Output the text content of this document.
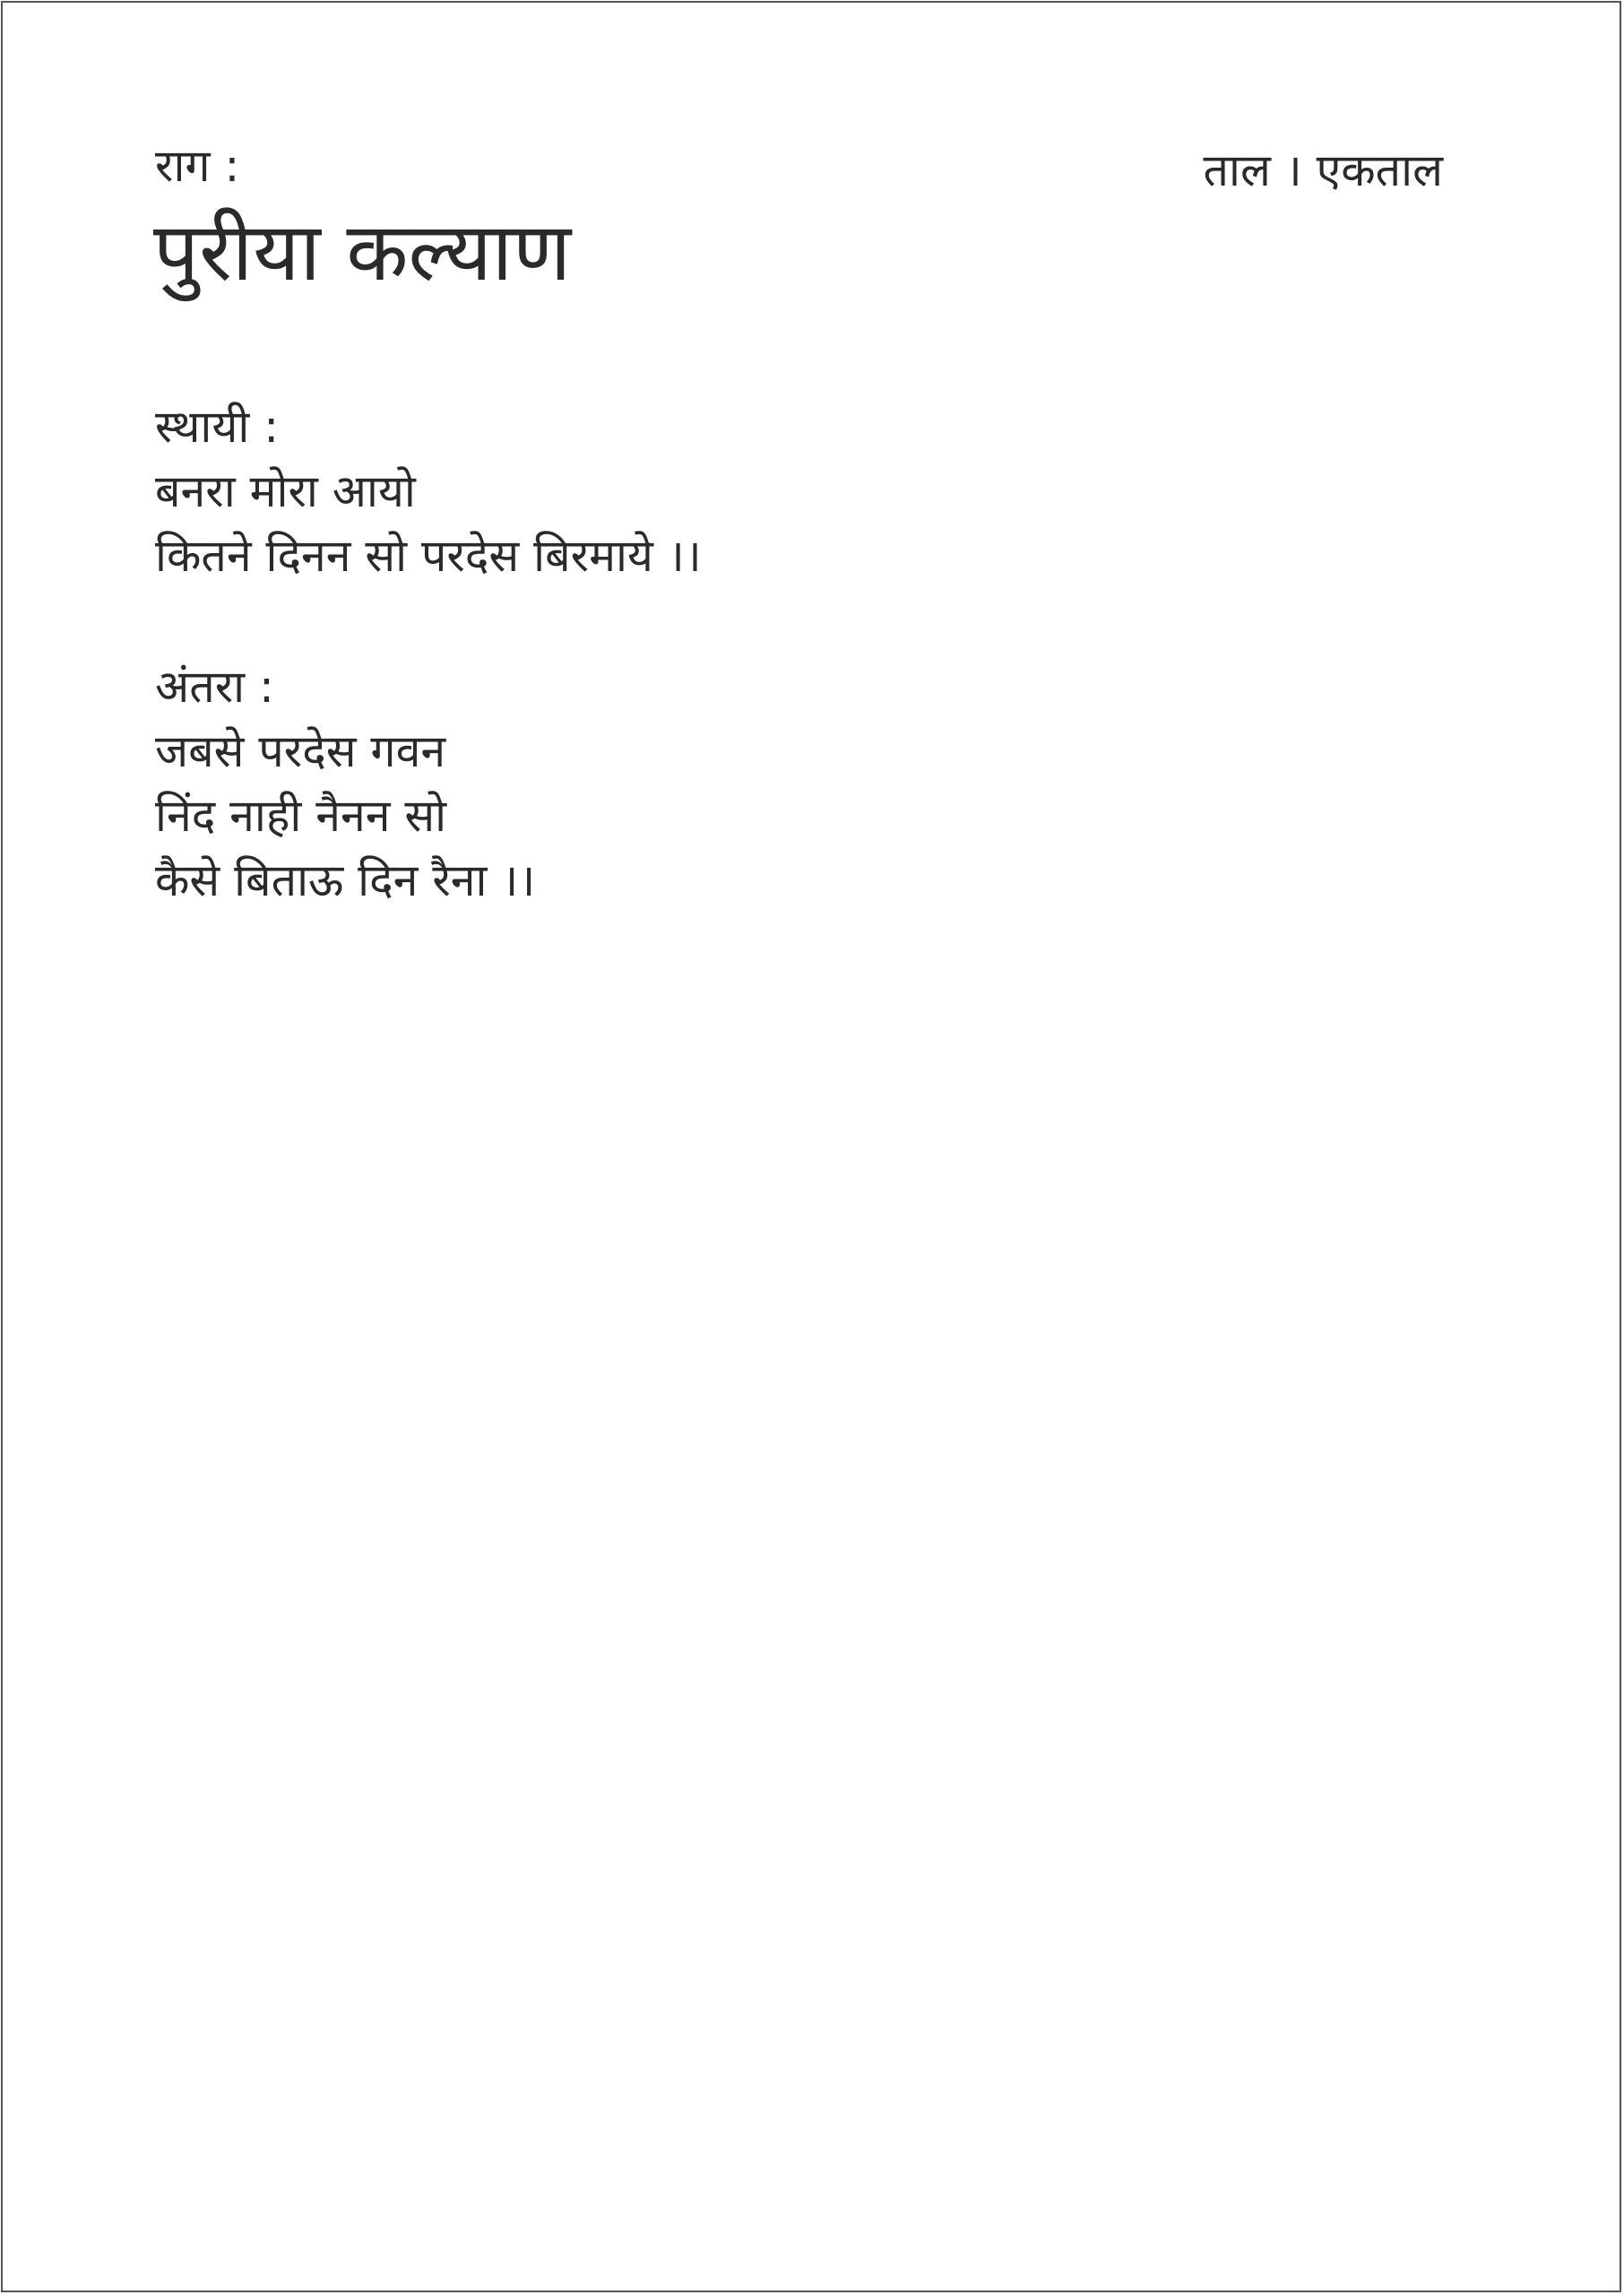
राग :
पुरीया कल्याण
ताल । एकताल
स्थायी :
बनरा मोरा आयो
कितने दिनन सो परदेस बिरमाये ।।
अंतरा :
जबसे परदेस गवन
निंद नाही नैनन सो
कैसे बिताऊ दिन रैना ।।
